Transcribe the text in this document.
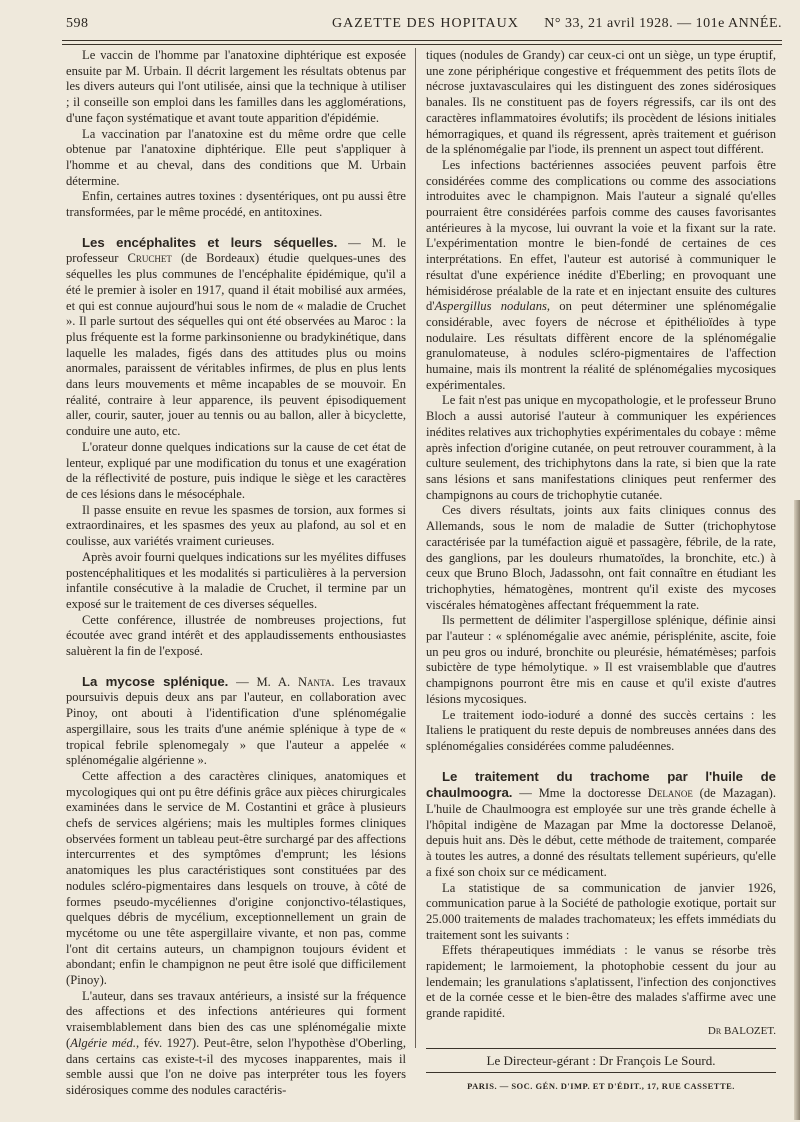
598	GAZETTE DES HOPITAUX N° 33, 21 avril 1928. — 101e ANNÉE.

Le vaccin de l'homme par l'anatoxine diphtérique est exposée ensuite par M. Urbain. Il décrit largement les résultats obtenus par les divers auteurs qui l'ont utilisée, ainsi que la technique à utiliser ; il conseille son emploi dans les familles dans les agglomérations, d'une façon systématique et avant toute apparition d'épidémie.

La vaccination par l'anatoxine est du même ordre que celle obtenue par l'anatoxine diphtérique. Elle peut s'appliquer à l'homme et au cheval, dans des conditions que M. Urbain détermine.

Enfin, certaines autres toxines : dysentériques, ont pu aussi être transformées, par le même procédé, en antitoxines.

Les encéphalites et leurs séquelles. — M. le professeur Cruchet (de Bordeaux) étudie quelques-unes des séquelles les plus communes de l'encéphalite épidémique, qu'il a été le premier à isoler en 1917, quand il était mobilisé aux armées, et qui est connue aujourd'hui sous le nom de « maladie de Cruchet ». Il parle surtout des séquelles qui ont été observées au Maroc : la plus fréquente est la forme parkinsonienne ou bradykinétique, dans laquelle les malades, figés dans des attitudes plus ou moins anormales, paraissent de véritables infirmes, de plus en plus lents dans leurs mouvements et même incapables de se mouvoir. En réalité, contraire à leur apparence, ils peuvent épisodiquement aller, courir, sauter, jouer au tennis ou au ballon, aller à bicyclette, conduire une auto, etc.

L'orateur donne quelques indications sur la cause de cet état de lenteur, expliqué par une modification du tonus et une exagération de la réflectivité de posture, puis indique le siège et les caractères de ces lésions dans le mésocéphale.

Il passe ensuite en revue les spasmes de torsion, aux formes si extraordinaires, et les spasmes des yeux au plafond, au sol et en coulisse, aux variétés vraiment curieuses.

Après avoir fourni quelques indications sur les myélites diffuses postencéphalitiques et les modalités si particulières à la perversion infantile consécutive à la maladie de Cruchet, il termine par un exposé sur le traitement de ces diverses séquelles.

Cette conférence, illustrée de nombreuses projections, fut écoutée avec grand intérêt et des applaudissements enthousiastes saluèrent la fin de l'exposé.

La mycose splénique. — M. A. Nanta. Les travaux poursuivis depuis deux ans par l'auteur, en collaboration avec Pinoy, ont abouti à l'identification d'une splénomégalie aspergillaire, sous les traits d'une anémie splénique à type de « tropical febrile splenomegaly » que l'auteur a appelée « splénomégalie algérienne ».

Cette affection a des caractères cliniques, anatomiques et mycologiques qui ont pu être définis grâce aux pièces chirurgicales examinées dans le service de M. Costantini et grâce à plusieurs chefs de services algériens; mais les multiples formes cliniques observées forment un tableau peut-être surchargé par des affections intercurrentes et des symptômes d'emprunt; les lésions anatomiques les plus caractéristiques sont constituées par des nodules scléro-pigmentaires dans lesquels on trouve, à côté de formes pseudo-mycéliennes d'origine conjonctivo-télastiques, quelques débris de mycélium, exceptionnellement un grain de mycétome ou une tête aspergillaire vivante, et non pas, comme l'ont dit certains auteurs, un champignon toujours évident et abondant; enfin le champignon ne peut être isolé que difficilement (Pinoy).

L'auteur, dans ses travaux antérieurs, a insisté sur la fréquence des affections et des infections antérieures qui forment vraisemblablement dans bien des cas une splénomégalie mixte (Algérie méd., fév. 1927). Peut-être, selon l'hypothèse d'Oberling, dans certains cas existe-t-il des mycoses inapparentes, mais il semble aussi que l'on ne doive pas interpréter tous les foyers sidérosiques comme des nodules caractéris-

tiques (nodules de Grandy) car ceux-ci ont un siège, un type éruptif, une zone périphérique congestive et fréquemment des petits îlots de nécrose juxtavasculaires qui les distinguent des zones sidérosiques banales. Ils ne constituent pas de foyers régressifs, car ils ont des caractères inflammatoires évolutifs; ils procèdent de lésions initiales hémorragiques, et quand ils régressent, après traitement et guérison de la splénomégalie par l'iode, ils prennent un aspect tout différent.

Les infections bactériennes associées peuvent parfois être considérées comme des complications ou comme des associations introduites avec le champignon. Mais l'auteur a signalé qu'elles pourraient être considérées parfois comme des causes favorisantes antérieures à la mycose, lui ouvrant la voie et la fixant sur la rate. L'expérimentation montre le bien-fondé de certaines de ces interprétations. En effet, l'auteur est autorisé à communiquer le résultat d'une expérience inédite d'Eberling; en provoquant une hémisidérose préalable de la rate et en injectant ensuite des cultures d'Aspergillus nodulans, on peut déterminer une splénomégalie considérable, avec foyers de nécrose et épithélioïdes à type nodulaire. Les résultats diffèrent encore de la splénomégalie granulomateuse, à nodules scléro-pigmentaires de l'affection humaine, mais ils montrent la réalité de splénomégalies mycosiques expérimentales.

Le fait n'est pas unique en mycopathologie, et le professeur Bruno Bloch a aussi autorisé l'auteur à communiquer les expériences inédites relatives aux trichophyties expérimentales du cobaye : même après infection d'origine cutanée, on peut retrouver couramment, à la culture seulement, des trichiphytons dans la rate, si bien que la rate sans lésions et sans manifestations cliniques peut renfermer des champignons au cours de trichophytie cutanée.

Ces divers résultats, joints aux faits cliniques connus des Allemands, sous le nom de maladie de Sutter (trichophytose caractérisée par la tuméfaction aiguë et passagère, fébrile, de la rate, des ganglions, par les douleurs rhumatoïdes, la bronchite, etc.) à ceux que Bruno Bloch, Jadassohn, ont fait connaître en étudiant les trichophyties, hématogènes, montrent qu'il existe des mycoses viscérales hématogènes affectant fréquemment la rate.

Ils permettent de délimiter l'aspergillose splénique, définie ainsi par l'auteur : « splénomégalie avec anémie, périsplénite, ascite, foie un peu gros ou induré, bronchite ou pleurésie, hématémèses; parfois subictère de type hémolytique. » Il est vraisemblable que d'autres champignons pourront être mis en cause et qu'il existe d'autres lésions mycosiques.

Le traitement iodo-ioduré a donné des succès certains : les Italiens le pratiquent du reste depuis de nombreuses années dans des splénomégalies considérées comme paludéennes.

Le traitement du trachome par l'huile de chaulmoogra. — Mme la doctoresse Delanoe (de Mazagan). L'huile de Chaulmoogra est employée sur une très grande échelle à l'hôpital indigène de Mazagan par Mme la doctoresse Delanoë, depuis huit ans. Dès le début, cette méthode de traitement, comparée à toutes les autres, a donné des résultats tellement supérieurs, qu'elle a fixé son choix sur ce médicament.

La statistique de sa communication de janvier 1926, communication parue à la Société de pathologie exotique, portait sur 25.000 traitements de malades trachomateux; les effets immédiats du traitement sont les suivants :

Effets thérapeutiques immédiats : le vanus se résorbe très rapidement; le larmoiement, la photophobie cessent du jour au lendemain; les granulations s'aplatissent, l'infection des conjonctives et de la cornée cesse et le bien-être des malades s'affirme avec une grande rapidité.

Dr BALOZET.
Le Directeur-gérant : Dr François Le Sourd.
PARIS. — SOC. GÉN. D'IMP. ET D'ÉDIT., 17, RUE CASSETTE.
